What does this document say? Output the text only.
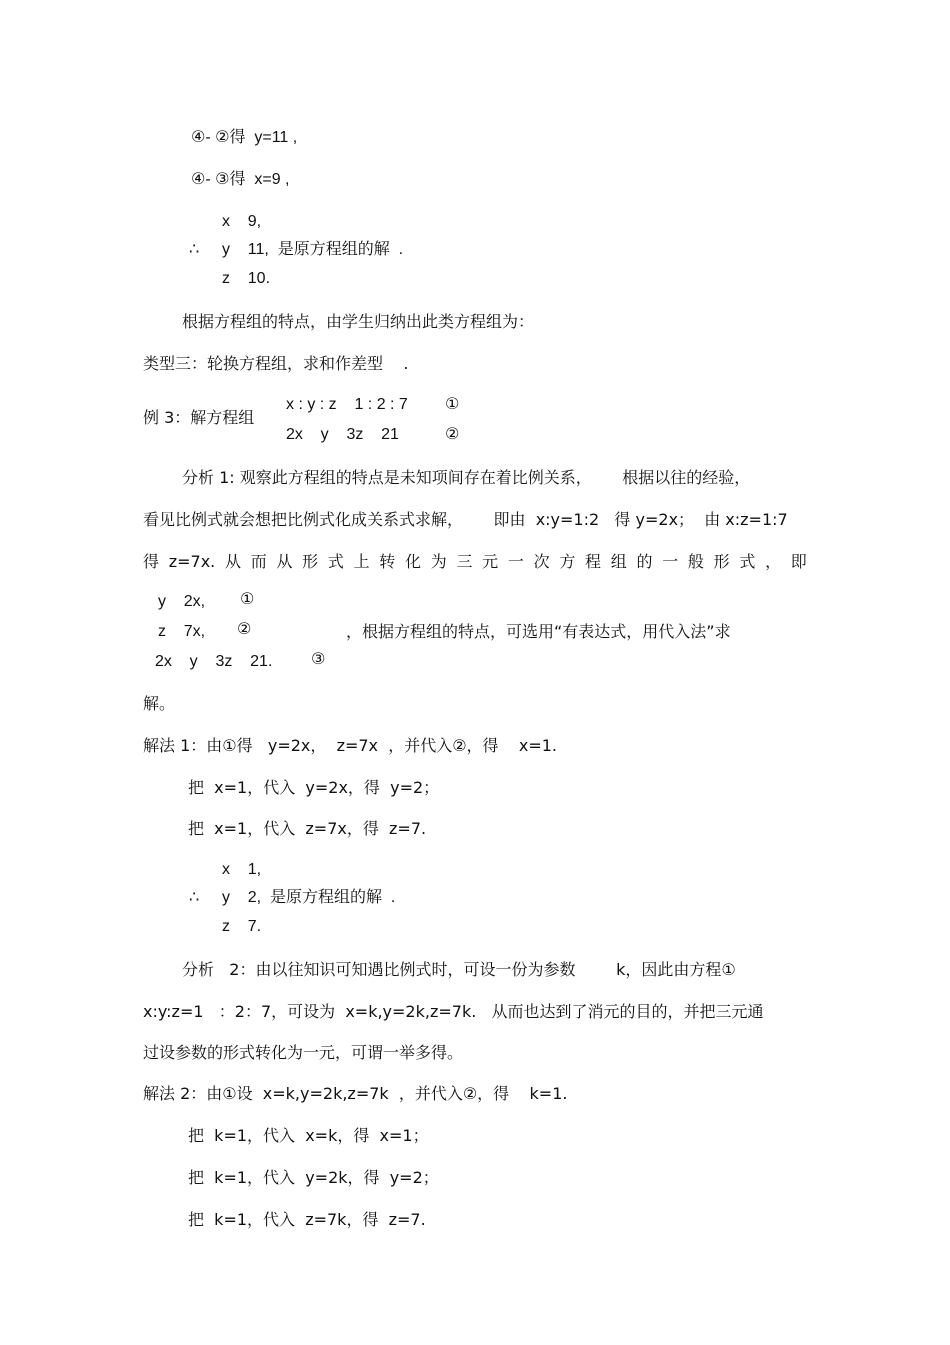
④- ②得  y=11 ,
④- ③得  x=9 ,
x    9,
∴ y    11,  是原方程组的解  .
z    10.
根据方程组的特点，由学生归纳出此类方程组为：
类型三：轮换方程组，求和作差型    .
例 3：解方程组
x : y : z    1 : 2 : 7 ①
2x    y    3z    21	②
分析 1: 观察此方程组的特点是未知项间存在着比例关系，      根据以往的经验，
看见比例式就会想把比例式化成关系式求解，      即由  x:y=1:2   得 y=2x；  由 x:z=1:7
得 z=7x. 从 而 从 形 式 上 转 化 为 三 元 一 次 方 程 组 的 一 般 形 式 ， 即
y    2x, ①
z    7x, ②	，根据方程组的特点，可选用“有表达式，用代入法”求
2x    y    3z    21. ③
解。
解法 1：由①得   y=2x，  z=7x  ，并代入②，得    x=1.
把  x=1，代入  y=2x，得  y=2；
把  x=1，代入  z=7x，得  z=7.
x    1,
∴ y    2,  是原方程组的解  .
z    7.
分析   2：由以往知识可知遇比例式时，可设一份为参数        k，因此由方程①
x:y:z=1   ：2：7，可设为  x=k,y=2k,z=7k.   从而也达到了消元的目的，并把三元通
过设参数的形式转化为一元，可谓一举多得。
解法 2：由①设  x=k,y=2k,z=7k  ，并代入②，得    k=1.
把  k=1，代入  x=k，得  x=1；
把  k=1，代入  y=2k，得  y=2；
把  k=1，代入  z=7k，得  z=7.
